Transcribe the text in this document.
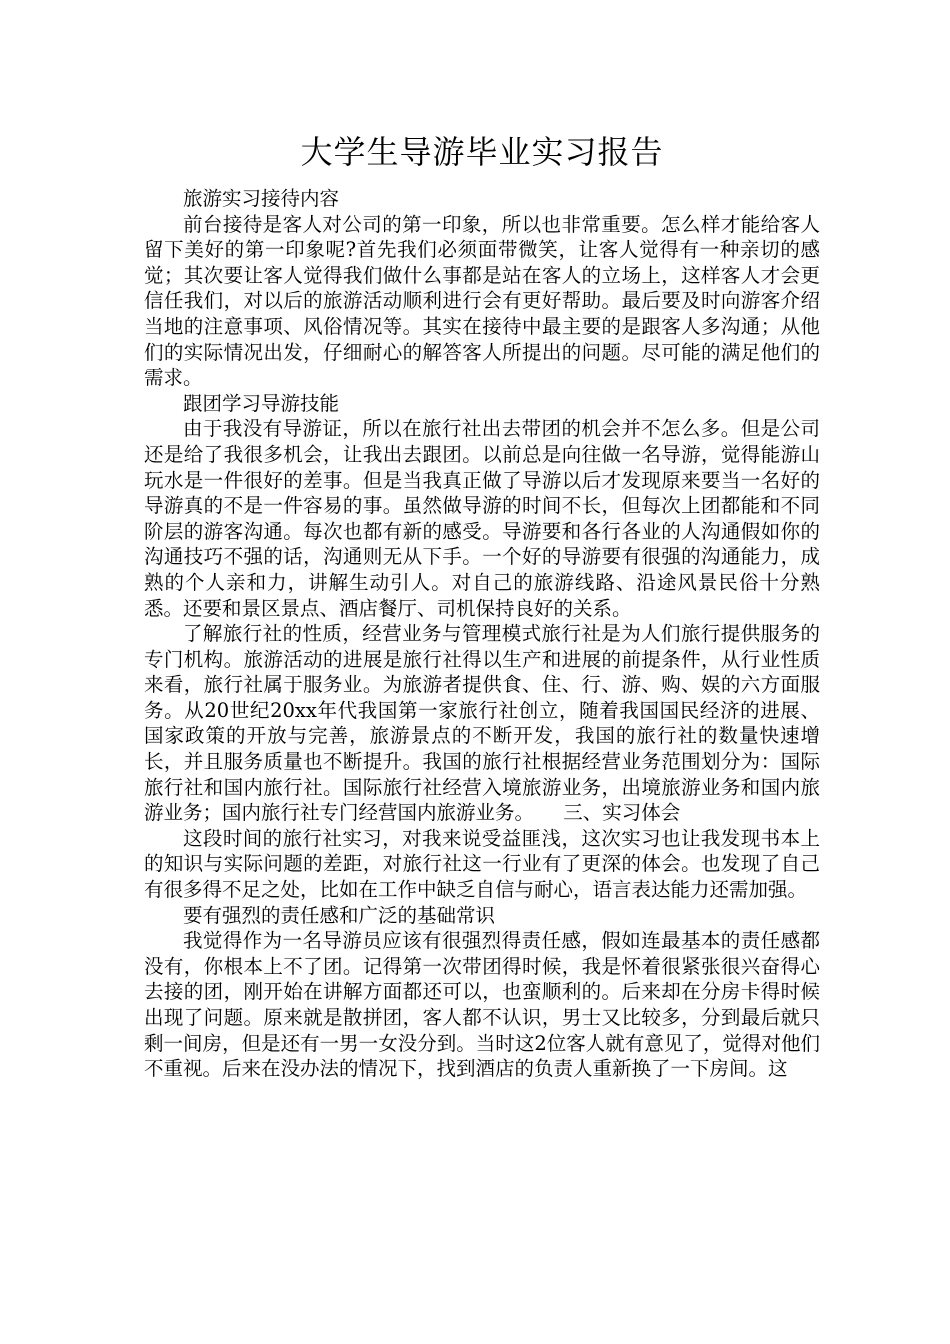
大学生导游毕业实习报告

旅游实习接待内容

前台接待是客人对公司的第一印象，所以也非常重要。怎么样才能给客人留下美好的第一印象呢?首先我们必须面带微笑，让客人觉得有一种亲切的感觉；其次要让客人觉得我们做什么事都是站在客人的立场上，这样客人才会更信任我们，对以后的旅游活动顺利进行会有更好帮助。最后要及时向游客介绍当地的注意事项、风俗情况等。其实在接待中最主要的是跟客人多沟通；从他们的实际情况出发，仔细耐心的解答客人所提出的问题。尽可能的满足他们的需求。

跟团学习导游技能

由于我没有导游证，所以在旅行社出去带团的机会并不怎么多。但是公司还是给了我很多机会，让我出去跟团。以前总是向往做一名导游，觉得能游山玩水是一件很好的差事。但是当我真正做了导游以后才发现原来要当一名好的导游真的不是一件容易的事。虽然做导游的时间不长，但每次上团都能和不同阶层的游客沟通。每次也都有新的感受。导游要和各行各业的人沟通假如你的沟通技巧不强的话，沟通则无从下手。一个好的导游要有很强的沟通能力，成熟的个人亲和力，讲解生动引人。对自己的旅游线路、沿途风景民俗十分熟悉。还要和景区景点、酒店餐厅、司机保持良好的关系。

了解旅行社的性质，经营业务与管理模式旅行社是为人们旅行提供服务的专门机构。旅游活动的进展是旅行社得以生产和进展的前提条件，从行业性质来看，旅行社属于服务业。为旅游者提供食、住、行、游、购、娱的六方面服务。从20世纪20xx年代我国第一家旅行社创立，随着我国国民经济的进展、国家政策的开放与完善，旅游景点的不断开发，我国的旅行社的数量快速增长，并且服务质量也不断提升。我国的旅行社根据经营业务范围划分为：国际旅行社和国内旅行社。国际旅行社经营入境旅游业务，出境旅游业务和国内旅游业务；国内旅行社专门经营国内旅游业务。　　三、实习体会

这段时间的旅行社实习，对我来说受益匪浅，这次实习也让我发现书本上的知识与实际问题的差距，对旅行社这一行业有了更深的体会。也发现了自己有很多得不足之处，比如在工作中缺乏自信与耐心，语言表达能力还需加强。

要有强烈的责任感和广泛的基础常识

我觉得作为一名导游员应该有很强烈得责任感，假如连最基本的责任感都没有，你根本上不了团。记得第一次带团得时候，我是怀着很紧张很兴奋得心去接的团，刚开始在讲解方面都还可以，也蛮顺利的。后来却在分房卡得时候出现了问题。原来就是散拼团，客人都不认识，男士又比较多，分到最后就只剩一间房，但是还有一男一女没分到。当时这2位客人就有意见了，觉得对他们不重视。后来在没办法的情况下，找到酒店的负责人重新换了一下房间。这
